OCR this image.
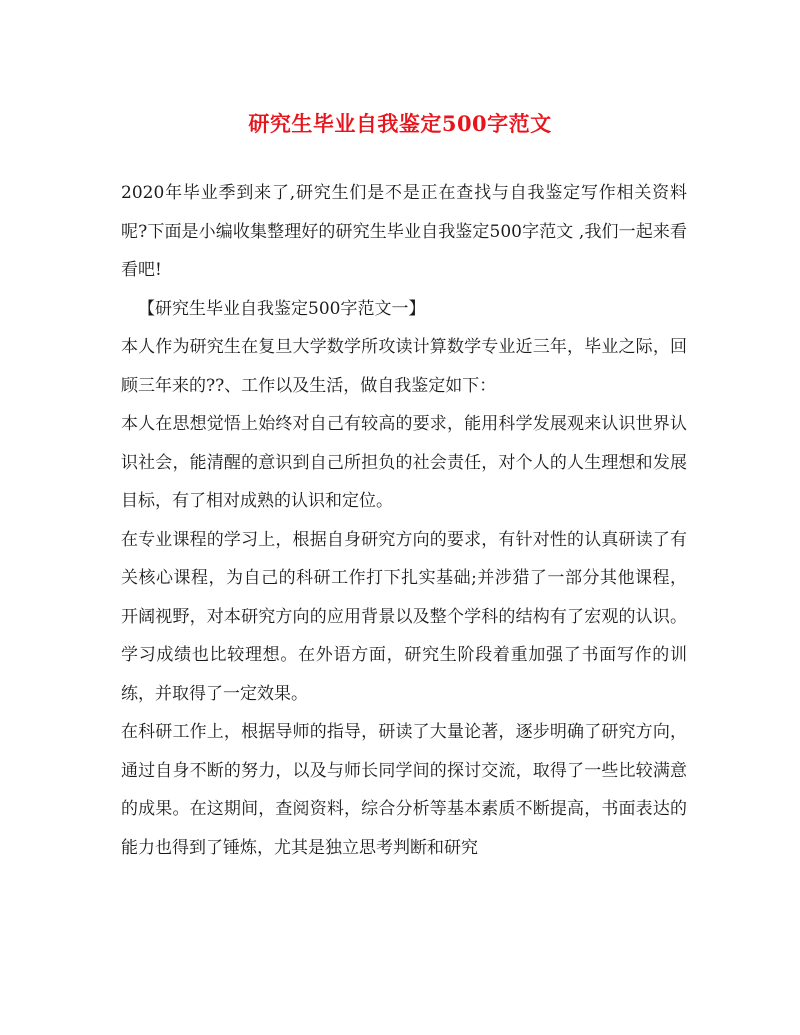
研究生毕业自我鉴定500字范文

2020年毕业季到来了,研究生们是不是正在查找与自我鉴定写作相关资料呢?下面是小编收集整理好的研究生毕业自我鉴定500字范文 ,我们一起来看看吧!

【研究生毕业自我鉴定500字范文一】

本人作为研究生在复旦大学数学所攻读计算数学专业近三年，毕业之际，回顾三年来的??、工作以及生活，做自我鉴定如下：

本人在思想觉悟上始终对自己有较高的要求，能用科学发展观来认识世界认识社会，能清醒的意识到自己所担负的社会责任，对个人的人生理想和发展目标，有了相对成熟的认识和定位。

在专业课程的学习上，根据自身研究方向的要求，有针对性的认真研读了有关核心课程，为自己的科研工作打下扎实基础;并涉猎了一部分其他课程，开阔视野，对本研究方向的应用背景以及整个学科的结构有了宏观的认识。学习成绩也比较理想。在外语方面，研究生阶段着重加强了书面写作的训练，并取得了一定效果。

在科研工作上，根据导师的指导，研读了大量论著，逐步明确了研究方向，通过自身不断的努力，以及与师长同学间的探讨交流，取得了一些比较满意的成果。在这期间，查阅资料，综合分析等基本素质不断提高，书面表达的能力也得到了锤炼，尤其是独立思考判断和研究
